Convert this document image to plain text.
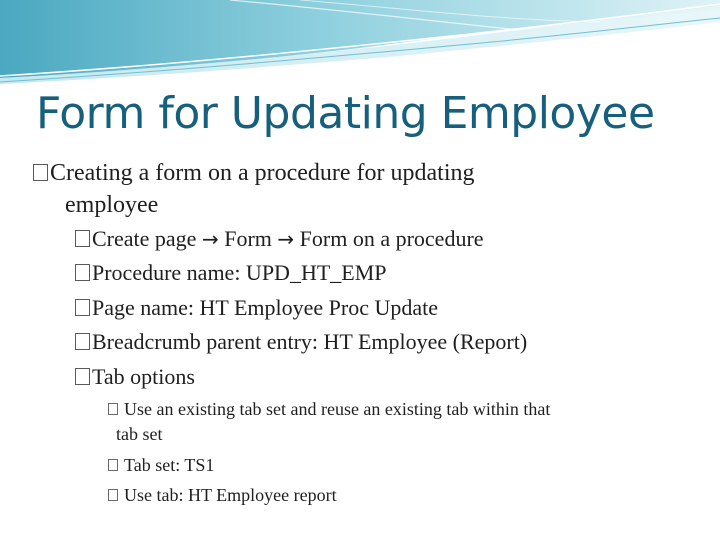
Form for Updating Employee
Creating a form on a procedure for updating
employee
Create page → Form → Form on a procedure
Procedure name: UPD_HT_EMP
Page name: HT Employee Proc Update
Breadcrumb parent entry: HT Employee (Report)
Tab options
Use an existing tab set and reuse an existing tab within that
tab set
Tab set: TS1
Use tab: HT Employee report
